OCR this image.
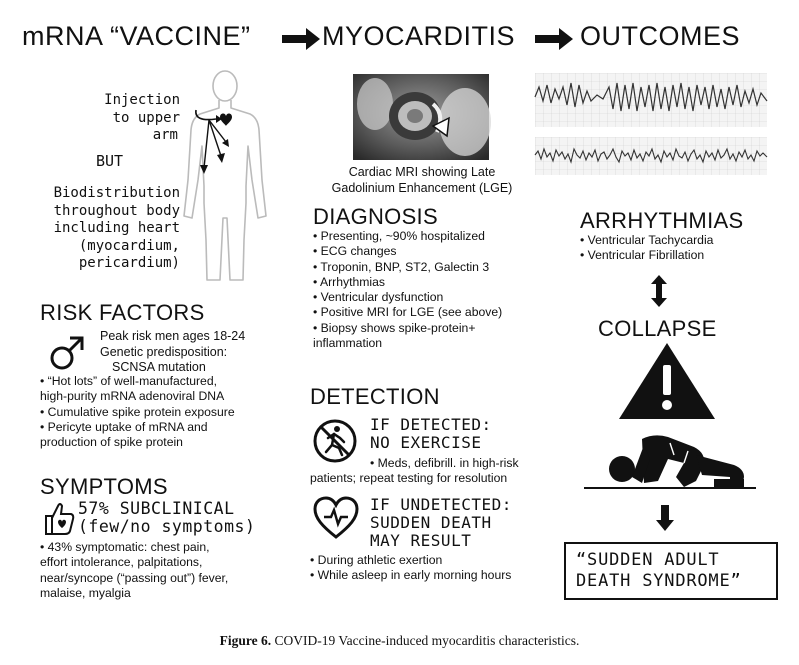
mRNA “VACCINE”	MYOCARDITIS OUTCOMES
Injection
to upper
arm
BUT
Biodistribution
throughout body
including heart
(myocardium,
pericardium)
Cardiac MRI showing Late
Gadolinium Enhancement (LGE)
DIAGNOSIS
• Presenting, ~90% hospitalized
• ECG changes
• Troponin, BNP, ST2, Galectin 3
• Arrhythmias
• Ventricular dysfunction
• Positive MRI for LGE (see above)
• Biopsy shows spike-protein+
inflammation
ARRHYTHMIAS
• Ventricular Tachycardia
• Ventricular Fibrillation
COLLAPSE
“SUDDEN ADULT
DEATH SYNDROME”
RISK FACTORS
Peak risk men ages 18-24
Genetic predisposition:
SCNSA mutation
• “Hot lots” of well-manufactured,
high-purity mRNA adenoviral DNA
• Cumulative spike protein exposure
• Pericyte uptake of mRNA and
production of spike protein
DETECTION
IF DETECTED:
NO EXERCISE
• Meds, defibrill. in high-risk
patients; repeat testing for resolution
IF UNDETECTED:
SUDDEN DEATH
MAY RESULT
• During athletic exertion
• While asleep in early morning hours
SYMPTOMS
57% SUBCLINICAL
(few/no symptoms)
• 43% symptomatic: chest pain,
effort intolerance, palpitations,
near/syncope (“passing out”) fever,
malaise, myalgia
Figure 6. COVID-19 Vaccine-induced myocarditis characteristics.
